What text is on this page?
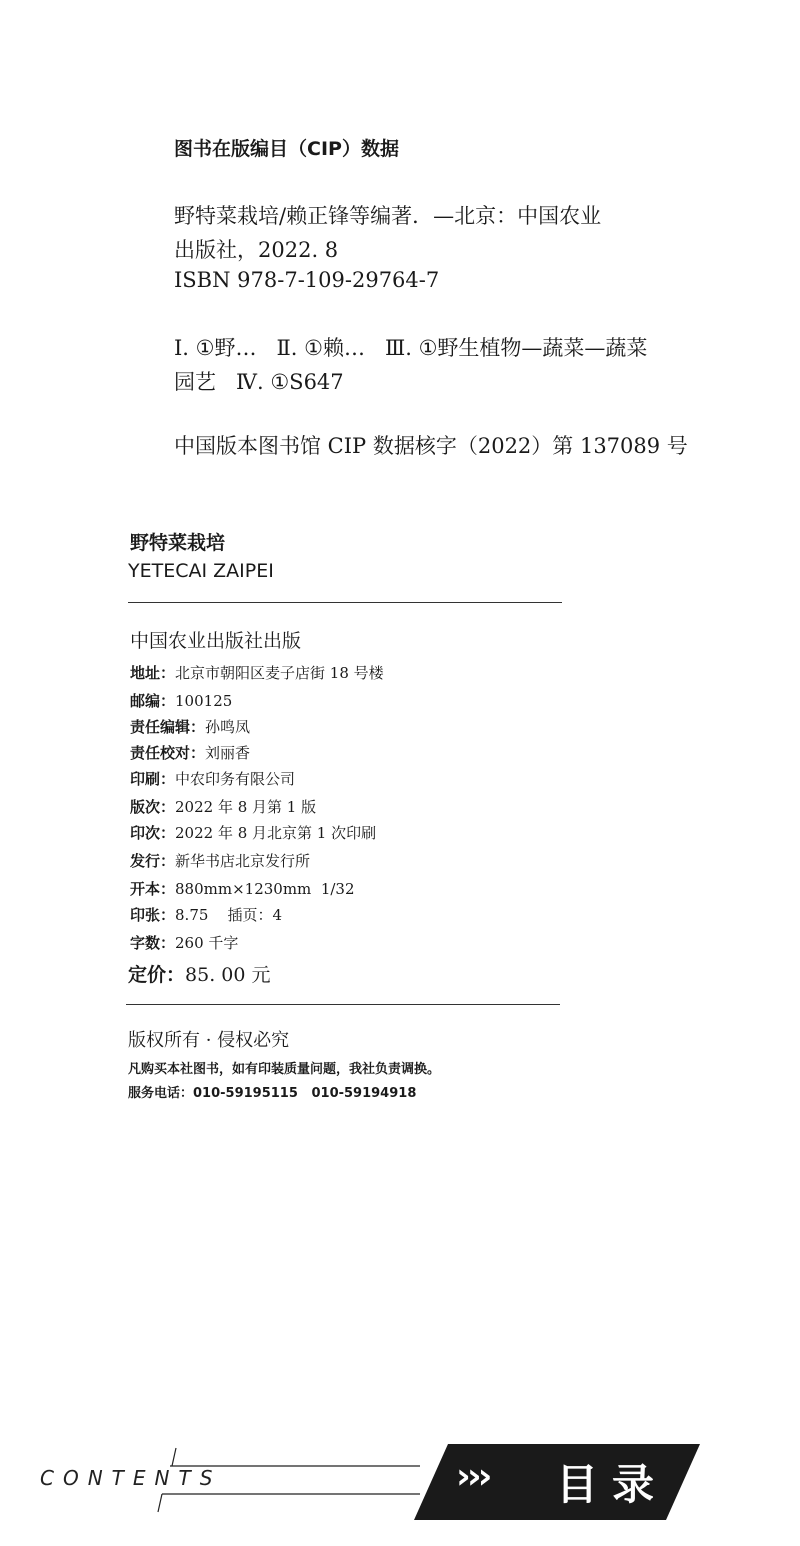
图书在版编目（CIP）数据
野特菜栽培/赖正锋等编著．—北京：中国农业
出版社，2022. 8
ISBN 978-7-109-29764-7
Ⅰ. ①野…   Ⅱ. ①赖…   Ⅲ. ①野生植物—蔬菜—蔬菜
园艺   Ⅳ. ①S647
中国版本图书馆 CIP 数据核字（2022）第 137089 号
野特菜栽培
YETECAI ZAIPEI
中国农业出版社出版
地址：北京市朝阳区麦子店街 18 号楼
邮编：100125
责任编辑：孙鸣凤
责任校对：刘丽香
印刷：中农印务有限公司
版次：2022 年 8 月第 1 版
印次：2022 年 8 月北京第 1 次印刷
发行：新华书店北京发行所
开本：880mm×1230mm  1/32
印张：8.75    插页：4
字数：260 千字
定价：85. 00 元
版权所有 · 侵权必究
凡购买本社图书，如有印装质量问题，我社负责调换。
服务电话：010-59195115   010-59194918
CONTENTS	››› 目录
